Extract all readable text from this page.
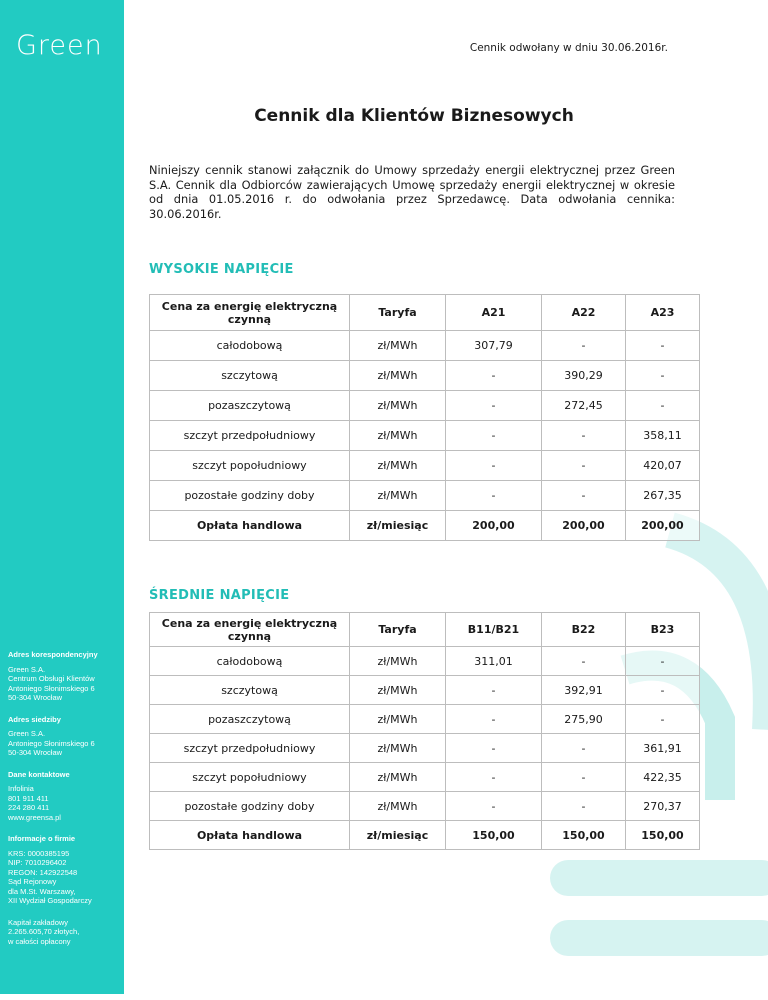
Green
Adres korespondencyjny
Green S.A.
Centrum Obsługi Klientów
Antoniego Słonimskiego 6
50-304 Wrocław
Adres siedziby
Green S.A.
Antoniego Słonimskiego 6
50-304 Wrocław
Dane kontaktowe
Infolinia
801 911 411
224 280 411
www.greensa.pl
Informacje o firmie
KRS: 0000385195
NIP: 7010296402
REGON: 142922548
Sąd Rejonowy
dla M.St. Warszawy,
XII Wydział Gospodarczy
Kapitał zakładowy
2.265.605,70 złotych,
w całości opłacony
Cennik odwołany w dniu 30.06.2016r.
Cennik dla Klientów Biznesowych
Niniejszy cennik stanowi załącznik do Umowy sprzedaży energii elektrycznej przez Green S.A. Cennik dla Odbiorców zawierających Umowę sprzedaży energii elektrycznej w okresie od dnia 01.05.2016 r. do odwołania przez Sprzedawcę. Data odwołania cennika: 30.06.2016r.
WYSOKIE NAPIĘCIE
Cena za energię elektryczną czynną	Taryfa	A21	A22	A23
całodobową	zł/MWh	307,79	-	-
szczytową	zł/MWh	-	390,29	-
pozaszczytową	zł/MWh	-	272,45	-
szczyt przedpołudniowy	zł/MWh	-	-	358,11
szczyt popołudniowy	zł/MWh	-	-	420,07
pozostałe godziny doby	zł/MWh	-	-	267,35
Opłata handlowa	zł/miesiąc	200,00	200,00	200,00
ŚREDNIE NAPIĘCIE
Cena za energię elektryczną czynną	Taryfa	B11/B21	B22	B23
całodobową	zł/MWh	311,01	-	-
szczytową	zł/MWh	-	392,91	-
pozaszczytową	zł/MWh	-	275,90	-
szczyt przedpołudniowy	zł/MWh	-	-	361,91
szczyt popołudniowy	zł/MWh	-	-	422,35
pozostałe godziny doby	zł/MWh	-	-	270,37
Opłata handlowa	zł/miesiąc	150,00	150,00	150,00
